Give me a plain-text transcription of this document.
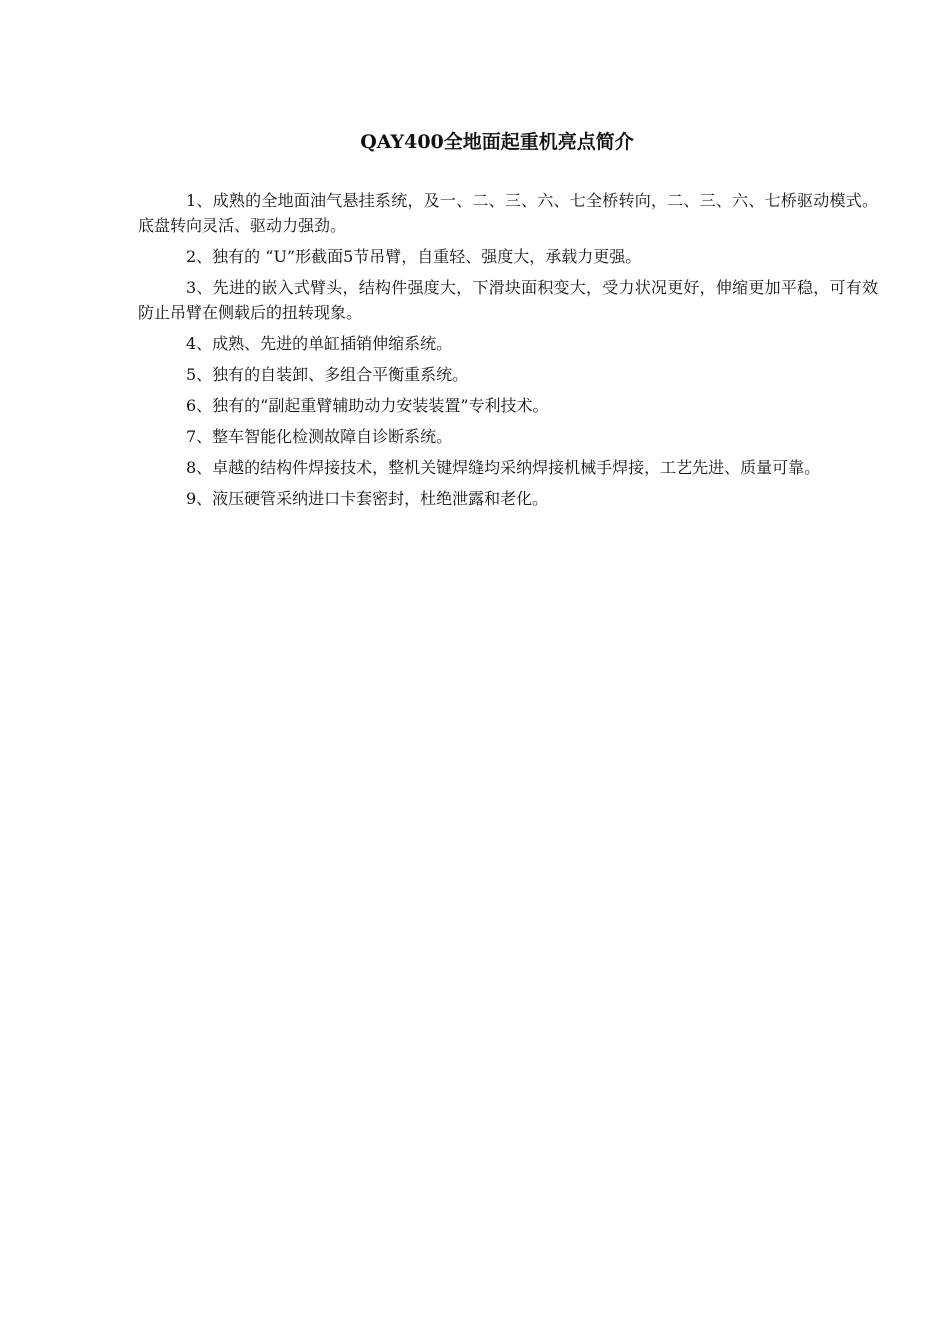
QAY400全地面起重机亮点简介

1、成熟的全地面油气悬挂系统，及一、二、三、六、七全桥转向，二、三、六、七桥驱动模式。底盘转向灵活、驱动力强劲。

2、独有的 “U”形截面5节吊臂，自重轻、强度大，承载力更强。

3、先进的嵌入式臂头，结构件强度大，下滑块面积变大，受力状况更好，伸缩更加平稳，可有效防止吊臂在侧载后的扭转现象。

4、成熟、先进的单缸插销伸缩系统。

5、独有的自装卸、多组合平衡重系统。

6、独有的“副起重臂辅助动力安装装置”专利技术。

7、整车智能化检测故障自诊断系统。

8、卓越的结构件焊接技术，整机关键焊缝均采纳焊接机械手焊接，工艺先进、质量可靠。

9、液压硬管采纳进口卡套密封，杜绝泄露和老化。
